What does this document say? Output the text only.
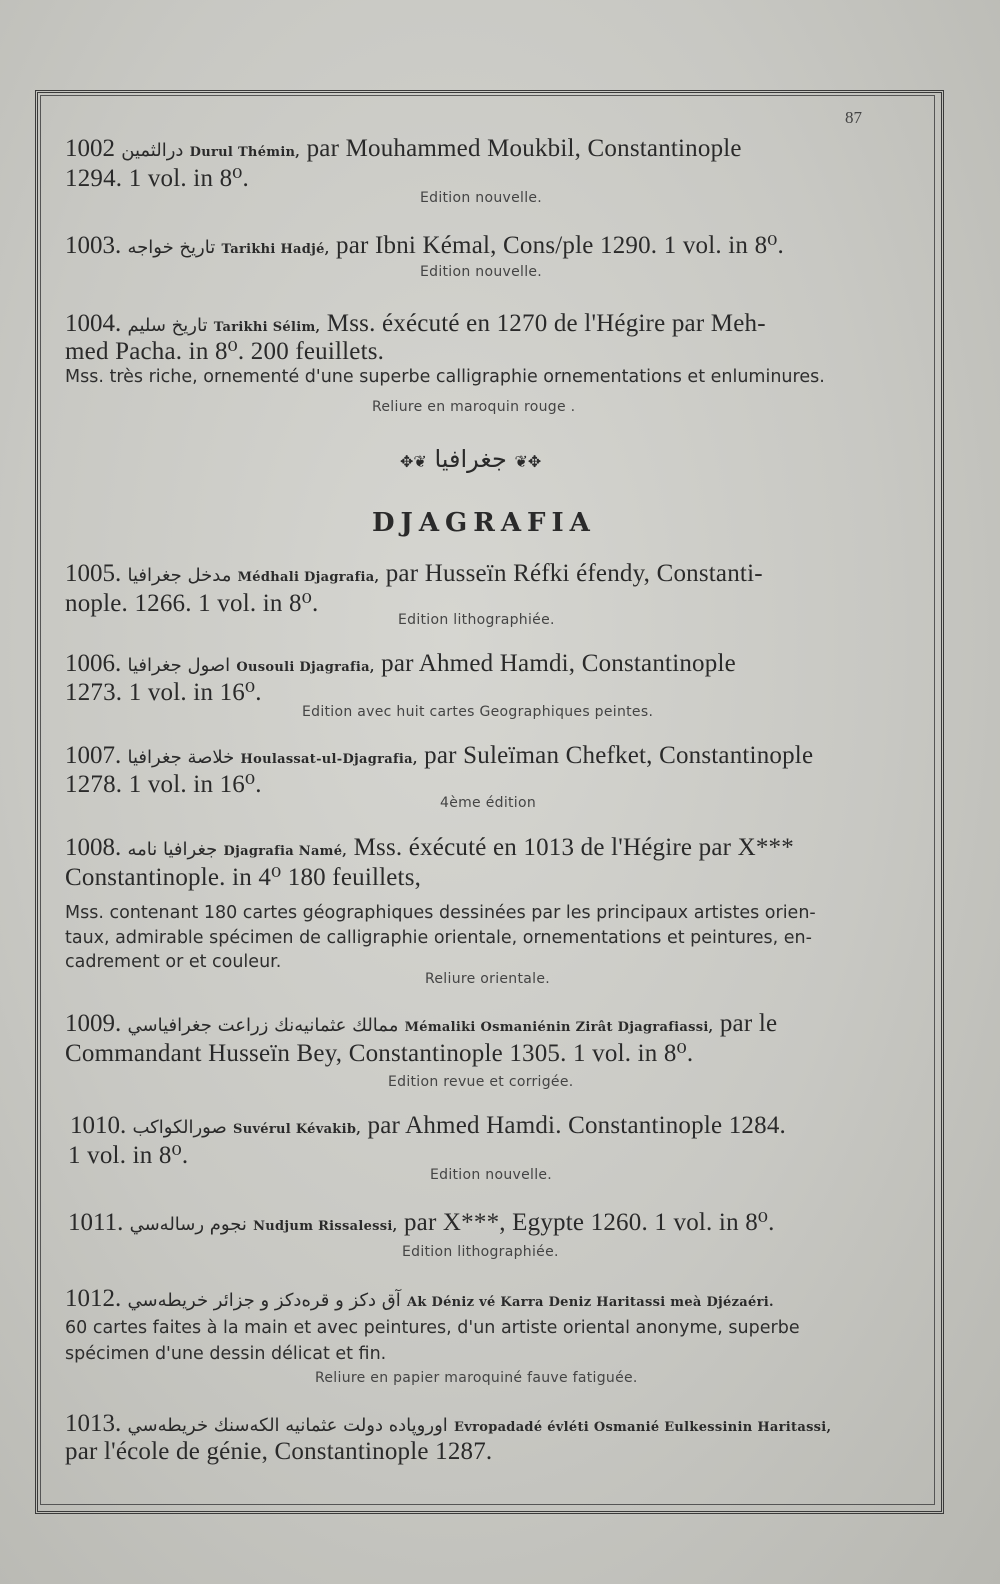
87
1002 درالثمين Durul Thémin, par Mouhammed Moukbil, Constantinople
1294. 1 vol. in 8⁰.
Edition nouvelle.
1003. تاريخ خواجه Tarikhi Hadjé, par Ibni Kémal, Cons/ple 1290. 1 vol. in 8⁰.
Edition nouvelle.
1004. تاريخ سليم Tarikhi Sélim, Mss. éxécuté en 1270 de l'Hégire par Meh-
med Pacha. in 8⁰. 200 feuillets.
Mss. très riche, ornementé d'une superbe calligraphie ornementations et enluminures.
Reliure en maroquin rouge .
✥❦ جغرافيا ❦✥
DJAGRAFIA
1005. مدخل جغرافيا Médhali Djagrafia, par Husseïn Réfki éfendy, Constanti-
nople. 1266. 1 vol. in 8⁰.
Edition lithographiée.
1006. اصول جغرافيا Ousouli Djagrafia, par Ahmed Hamdi, Constantinople
1273. 1 vol. in 16⁰.
Edition avec huit cartes Geographiques peintes.
1007. خلاصة جغرافيا Houlassat-ul-Djagrafia, par Suleïman Chefket, Constantinople
1278. 1 vol. in 16⁰.
4ème édition
1008. جغرافيا نامه Djagrafia Namé, Mss. éxécuté en 1013 de l'Hégire par X***
Constantinople. in 4⁰ 180 feuillets,
Mss. contenant 180 cartes géographiques dessinées par les principaux artistes orien-
taux, admirable spécimen de calligraphie orientale, ornementations et peintures, en-
cadrement or et couleur.
Reliure orientale.
1009. ممالك عثمانيه‌نك زراعت جغرافياسي Mémaliki Osmaniénin Zirât Djagrafiassi, par le
Commandant Husseïn Bey, Constantinople 1305. 1 vol. in 8⁰.
Edition revue et corrigée.
1010. صورالكواكب Suvérul Kévakib, par Ahmed Hamdi. Constantinople 1284.
1 vol. in 8⁰.
Edition nouvelle.
1011. نجوم رساله‌سي Nudjum Rissalessi, par X***, Egypte 1260. 1 vol. in 8⁰.
Edition lithographiée.
1012. آق دكز و قره‌دكز و جزائر خريطه‌سي Ak Déniz vé Karra Deniz Haritassi meà Djézaéri.
60 cartes faites à la main et avec peintures, d'un artiste oriental anonyme, superbe
spécimen d'une dessin délicat et fin.
Reliure en papier maroquiné fauve fatiguée.
1013. اوروپاده دولت عثمانيه الكه‌سنك خريطه‌سي Evropadadé évléti Osmanié Eulkessinin Haritassi,
par l'école de génie, Constantinople 1287.
